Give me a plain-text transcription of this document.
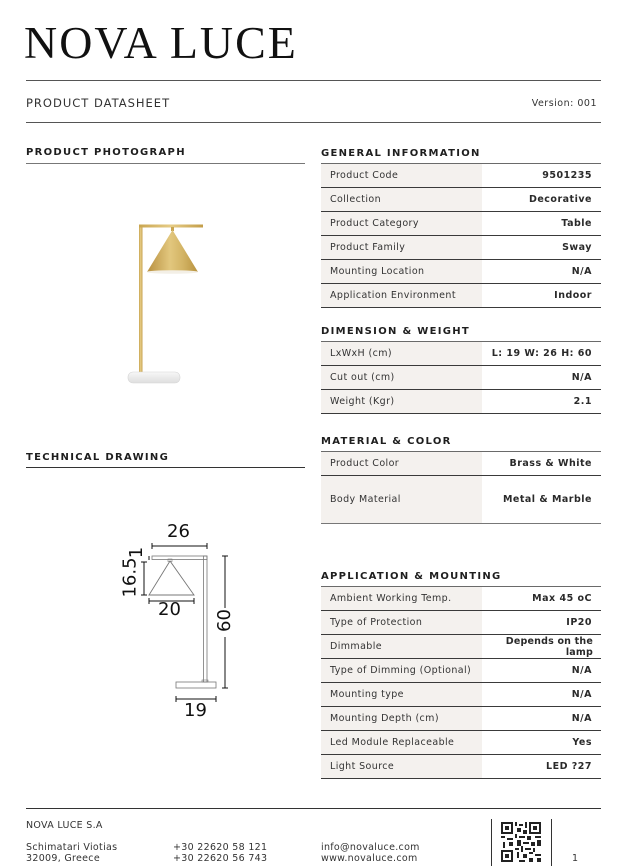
NOVA LUCE
PRODUCT DATASHEET	Version: 001
PRODUCT PHOTOGRAPH
TECHNICAL DRAWING
26
16.5
1
20 60
19
GENERAL INFORMATION
Product Code	9501235
Collection	Decorative
Product Category	Table
Product Family	Sway
Mounting Location	N/A
Application Environment	Indoor
DIMENSION & WEIGHT
LxWxH (cm)	L: 19 W: 26 H: 60
Cut out (cm)	N/A
Weight (Kgr)	2.1
MATERIAL & COLOR
Product Color	Brass & White
Body Material	Metal & Marble
APPLICATION & MOUNTING
Ambient Working Temp.	Max 45 oC
Type of Protection	IP20
Dimmable	Depends on the lamp
Type of Dimming (Optional)	N/A
Mounting type	N/A
Mounting Depth (cm)	N/A
Led Module Replaceable	Yes
Light Source	LED ?27
NOVA LUCE S.A
Schimatari Viotias
32009, Greece
+30 22620 58 121
+30 22620 56 743
info@novaluce.com
www.novaluce.com	1
